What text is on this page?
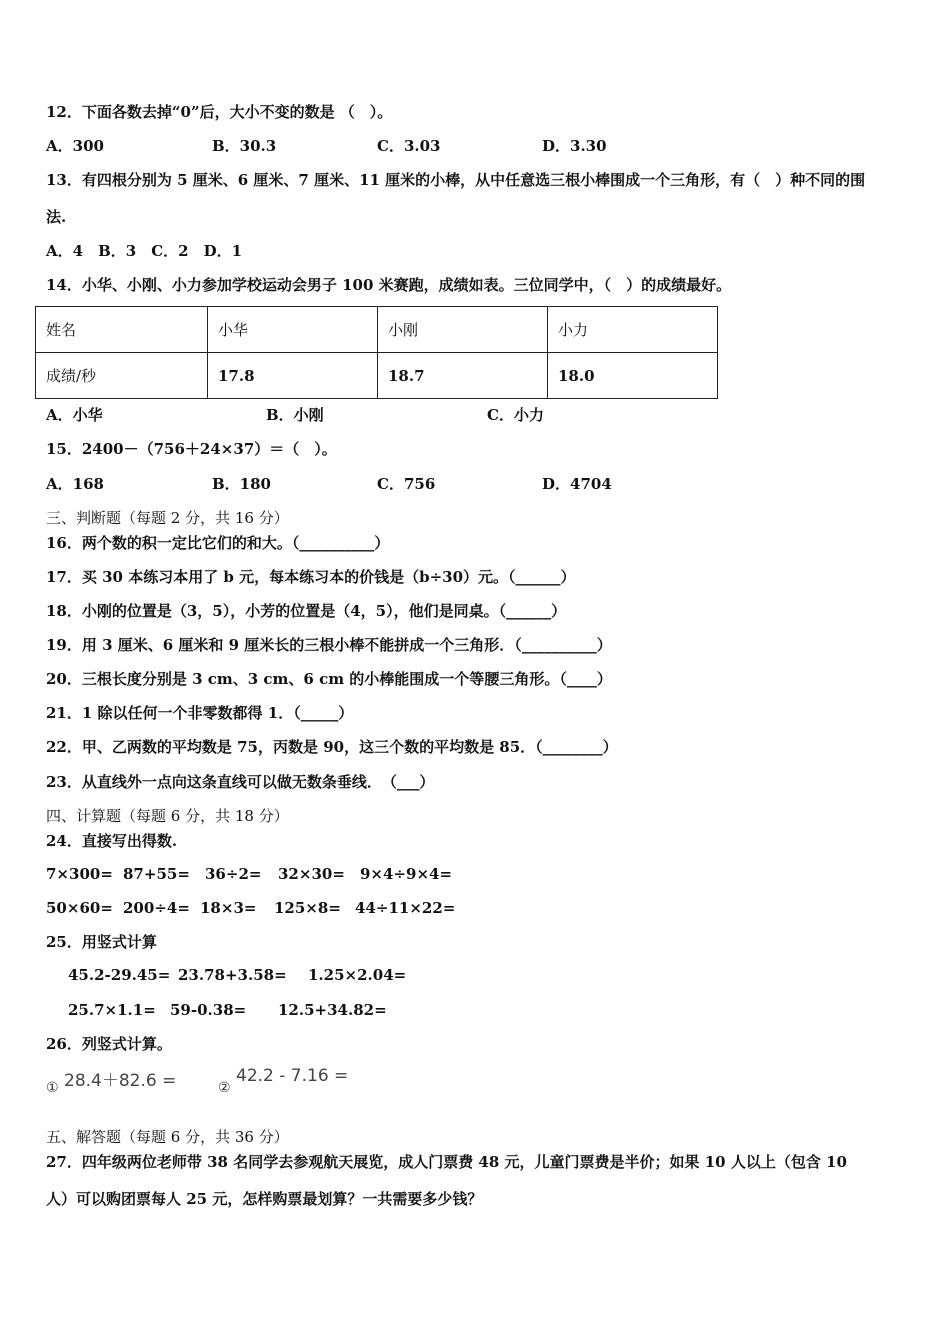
12．下面各数去掉“0”后，大小不变的数是 （　）。
A．300	B．30.3	C．3.03	D．3.30
13．有四根分别为 5 厘米、6 厘米、7 厘米、11 厘米的小棒，从中任意选三根小棒围成一个三角形，有（　）种不同的围
法.
A．4　B．3　C．2　D．1
14．小华、小刚、小力参加学校运动会男子 100 米赛跑，成绩如表。三位同学中，（　）的成绩最好。
姓名	小华	小刚	小力
成绩/秒	17.8	18.7	18.0
A．小华	B．小刚	C．小力
15．2400－（756＋24×37）＝（　）。
A．168	B．180	C．756	D．4704
三、判断题（每题 2 分，共 16 分）
16．两个数的积一定比它们的和大。（__________）
17．买 30 本练习本用了 b 元，每本练习本的价钱是（b÷30）元。（______）
18．小刚的位置是（3，5），小芳的位置是（4，5），他们是同桌。（______）
19．用 3 厘米、6 厘米和 9 厘米长的三根小棒不能拼成一个三角形．（__________）
20．三根长度分别是 3 cm、3 cm、6 cm 的小棒能围成一个等腰三角形。（____）
21．1 除以任何一个非零数都得 1．（_____）
22．甲、乙两数的平均数是 75，丙数是 90，这三个数的平均数是 85．（________）
23．从直线外一点向这条直线可以做无数条垂线．　（___）
四、计算题（每题 6 分，共 18 分）
24．直接写出得数.
7×300= 87+55= 36÷2= 32×30= 9×4÷9×4=
50×60= 200÷4= 18×3= 125×8= 44÷11×22=
25．用竖式计算
45.2-29.45= 23.78+3.58= 1.25×2.04=
25.7×1.1= 59-0.38= 12.5+34.82=
26．列竖式计算。
① 28.4＋82.6 =	②
42.2 - 7.16 =
五、解答题（每题 6 分，共 36 分）
27．四年级两位老师带 38 名同学去参观航天展览，成人门票费 48 元，儿童门票费是半价；如果 10 人以上（包含 10
人）可以购团票每人 25 元，怎样购票最划算？一共需要多少钱？
